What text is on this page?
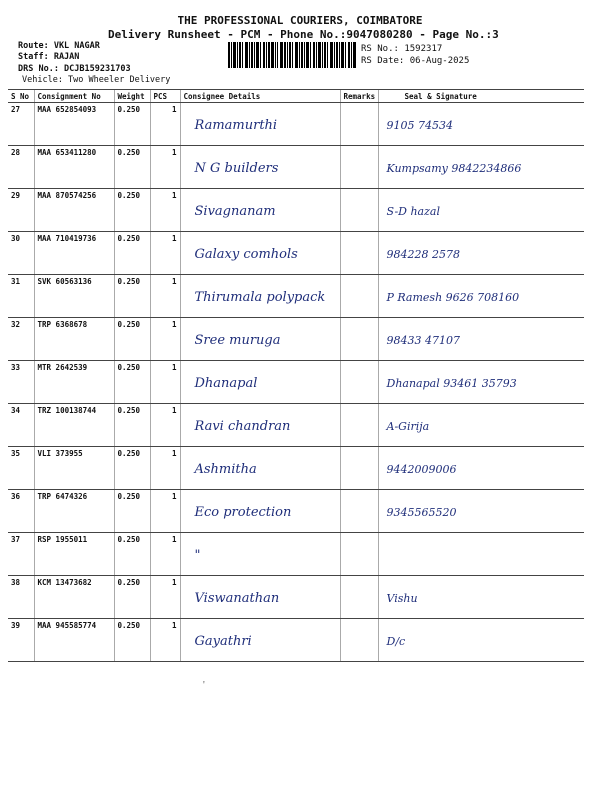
THE PROFESSIONAL COURIERS, COIMBATORE
Delivery Runsheet - PCM - Phone No.:9047080280 - Page No.:3
Route: VKL NAGAR
Staff: RAJAN
DRS No.: DCJB159231703
Vehicle: Two Wheeler Delivery
RS No.: 1592317
RS Date: 06-Aug-2025
S No	Consignment No	Weight	PCS	Consignee Details	Remarks	Seal & Signature
27	MAA 652854093	0.250	1	Ramamurthi		9105 74534
28	MAA 653411280	0.250	1	N G builders		Kumpsamy 9842234866
29	MAA 870574256	0.250	1	Sivagnanam		S-D hazal
30	MAA 710419736	0.250	1	Galaxy comhols		984228 2578
31	SVK 60563136	0.250	1	Thirumala polypack		P Ramesh 9626 708160
32	TRP 6368678	0.250	1	Sree muruga		98433 47107
33	MTR 2642539	0.250	1	Dhanapal		Dhanapal 93461 35793
34	TRZ 100138744	0.250	1	Ravi chandran		A-Girija
35	VLI 373955	0.250	1	Ashmitha		9442009006
36	TRP 6474326	0.250	1	Eco protection		9345565520
37	RSP 1955011	0.250	1	"		
38	KCM 13473682	0.250	1	Viswanathan		Vishu
39	MAA 945585774	0.250	1	Gayathri		D/c
'
